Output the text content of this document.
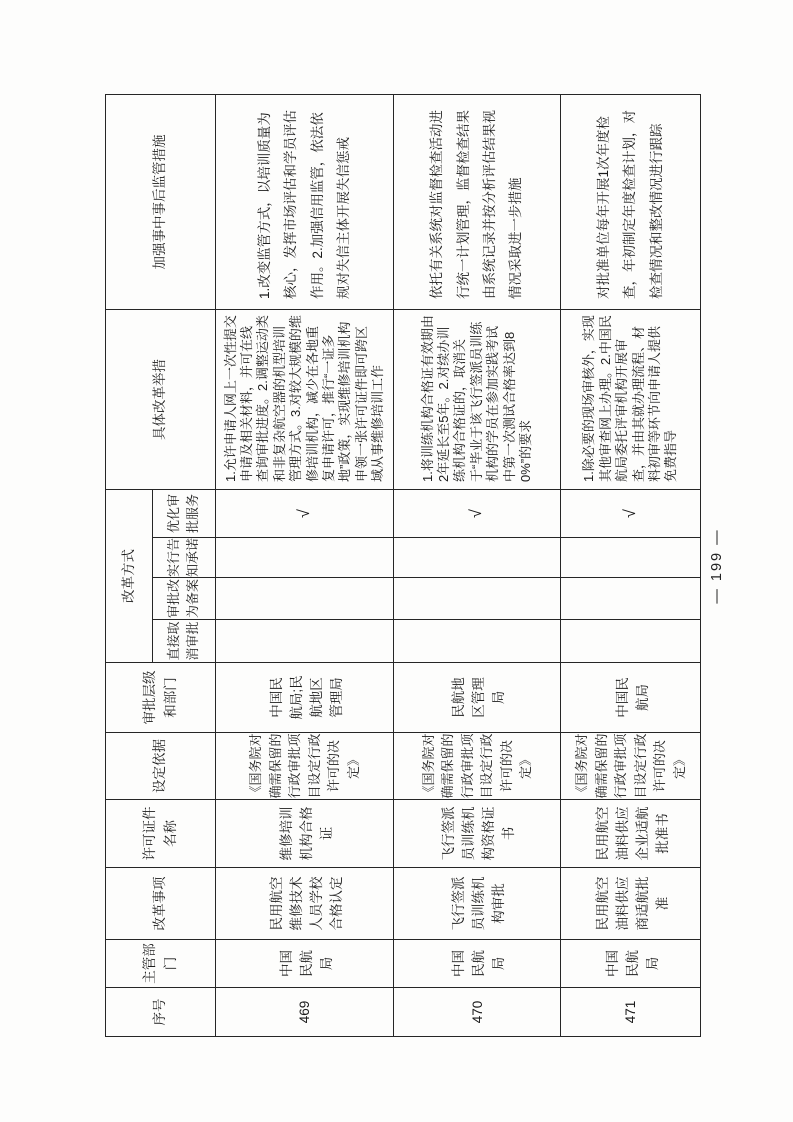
序号	主管部门	改革事项	许可证件名称	设定依据	审批层级和部门	改革方式				具体改革举措	加强事中事后监管措施
						直接取消审批	审批改为备案	实行告知承诺	优化审批服务		
469	中国民航局	民用航空维修技术人员学校合格认定	维修培训机构合格证	《国务院对确需保留的行政审批项目设定行政许可的决定》	中国民航局;民航地区管理局				√	1.允许申请人网上一次性提交申请及相关材料，并可在线查询审批进度。2.调整运动类和非复杂航空器的机型培训管理方式。3.对较大规模的维修培训机构，减少在各地重复申请许可，推行“一证多地”政策，实现维修培训机构申领一张许可证件即可跨区域从事维修培训工作	1.改变监管方式，以培训质量为核心，发挥市场评估和学员评估作用。2.加强信用监管，依法依规对失信主体开展失信惩戒
470	中国民航局	飞行签派员训练机构审批	飞行签派员训练机构资格证书	《国务院对确需保留的行政审批项目设定行政许可的决定》	民航地区管理局				√	1.将训练机构合格证有效期由2年延长至5年。2.对续办训练机构合格证的，取消关于“毕业于该飞行签派员训练机构的学员在参加实践考试中第一次测试合格率达到80%”的要求	依托有关系统对监督检查活动进行统一计划管理，监督检查结果由系统记录并按分析评估结果视情况采取进一步措施
471	中国民航局	民用航空油料供应商适航批准	民用航空油料供应企业适航批准书	《国务院对确需保留的行政审批项目设定行政许可的决定》	中国民航局				√	1.除必要的现场审核外，实现其他审查网上办理。2.中国民航局委托评审机构开展审查，并由其就办理流程、材料初审等环节向申请人提供免费指导	对批准单位每年开展1次年度检查，年初制定年度检查计划，对检查情况和整改情况进行跟踪
— 199 —
